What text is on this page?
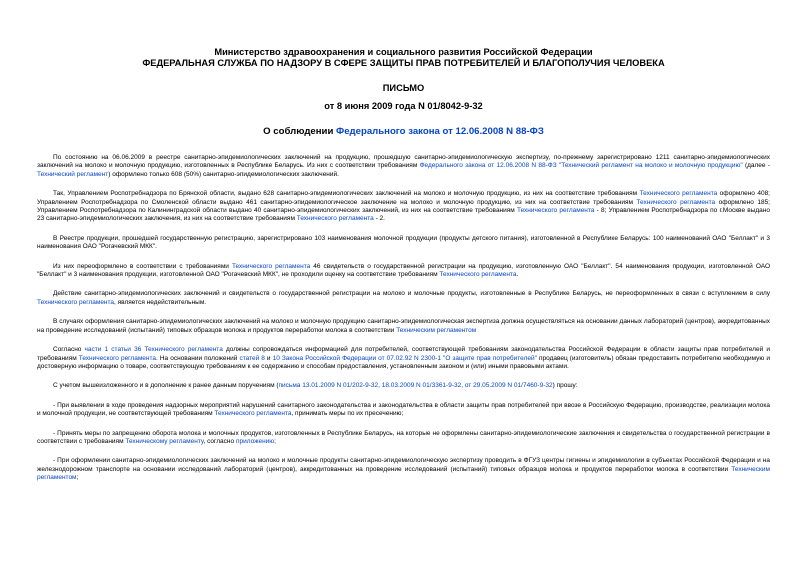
Министерство здравоохранения и социального развития Российской Федерации
ФЕДЕРАЛЬНАЯ СЛУЖБА ПО НАДЗОРУ В СФЕРЕ ЗАЩИТЫ ПРАВ ПОТРЕБИТЕЛЕЙ И БЛАГОПОЛУЧИЯ ЧЕЛОВЕКА
ПИСЬМО
от 8 июня 2009 года N 01/8042-9-32
О соблюдении Федерального закона от 12.06.2008 N 88-ФЗ

По состоянию на 06.06.2009 в реестре санитарно-эпидемиологических заключений на продукцию, прошедшую санитарно-эпидемиологическую экспертизу, по-прежнему зарегистрировано 1211 санитарно-эпидемиологических заключений на молоко и молочную продукцию, изготовленных в Республике Беларусь. Из них с соответствии требованиям Федерального закона от 12.06.2008 N 88-ФЗ "Технический регламент на молоко и молочную продукцию" (далее - Технический регламент) оформлено только 608 (50%) санитарно-эпидемиологических заключений.

Так, Управлением Роспотребнадзора по Брянской области, выдано 628 санитарно-эпидемиологических заключений на молоко и молочную продукцию, из них на соответствие требованиям Технического регламента оформлено 408; Управлением Роспотребнадзора по Смоленской области выдано 461 санитарно-эпидемиологическое заключение на молоко и молочную продукцию, из них на соответствие требованиям Технического регламента оформлено 185; Управлением Роспотребнадзора по Калининградской области выдано 40 санитарно-эпидемиологических заключений, из них на соответствие требованиям Технического регламента - 8; Управлением Роспотребнадзора по г.Москве выдано 23 санитарно-эпидемиологических заключения, из них на соответствие требованиям Технического регламента - 2.

В Реестре продукции, прошедшей государственную регистрацию, зарегистрировано 103 наименования молочной продукции (продукты детского питания), изготовленной в Республике Беларусь: 100 наименований ОАО "Беллакт" и 3 наименования ОАО "Рогачевский МКК".

Из них переоформлено в соответствии с требованиями Технического регламента 46 свидетельств о государственной регистрации на продукцию, изготовленную ОАО "Беллакт". 54 наименования продукции, изготовленной ОАО "Беллакт" и 3 наименования продукции, изготовленной ОАО "Рогачевский МКК", не проходили оценку на соответствие требованиям Технического регламента.

Действие санитарно-эпидемиологических заключений и свидетельств о государственной регистрации на молоко и молочные продукты, изготовленные в Республике Беларусь, не переоформленных в связи с вступлением в силу Технического регламента, является недействительным.

В случаях оформления санитарно-эпидемиологических заключений на молоко и молочную продукцию санитарно-эпидемиологическая экспертиза должна осуществляться на основании данных лабораторий (центров), аккредитованных на проведение исследований (испытаний) типовых образцов молока и продуктов переработки молока в соответствии Техническим регламентом

Согласно части 1 статьи 36 Технического регламента должны сопровождаться информацией для потребителей, соответствующей требованиям законодательства Российской Федерации в области защиты прав потребителей и требованиям Технического регламента. На основании положений статей 8 и 10 Закона Российской Федерации от 07.02.92 N 2300-1 "О защите прав потребителей" продавец (изготовитель) обязан предоставить потребителю необходимую и достоверную информацию о товаре, соответствующую требованиям к ее содержанию и способам предоставления, установленным законом и (или) иными правовыми актами.

С учетом вышеизложенного и в дополнение к ранее данным поручениям (письма 13.01.2009 N 01/202-9-32, 18.03.2009 N 01/3361-9-32, от 29.05.2009 N 01/7460-9-32) прошу:

- При выявлении в ходе проведения надзорных мероприятий нарушений санитарного законодательства и законодательства в области защиты прав потребителей при ввозе в Российскую Федерацию, производстве, реализации молока и молочной продукции, не соответствующей требованиям Технического регламента, принимать меры по их пресечению;

- Принять меры по запрещению оборота молока и молочных продуктов, изготовленных в Республике Беларусь, на которые не оформлены санитарно-эпидемиологические заключения и свидетельства о государственной регистрации в соответствии с требованиям Техническому регламенту, согласно приложению;

- При оформлении санитарно-эпидемиологических заключений на молоко и молочные продукты санитарно-эпидемиологическую экспертизу проводить в ФГУЗ центры гигиены и эпидемиологии в субъектах Российской Федерации и на железнодорожном транспорте на основании исследований лабораторий (центров), аккредитованных на проведение исследований (испытаний) типовых образцов молока и продуктов переработки молока в соответствии Техническим регламентом;
